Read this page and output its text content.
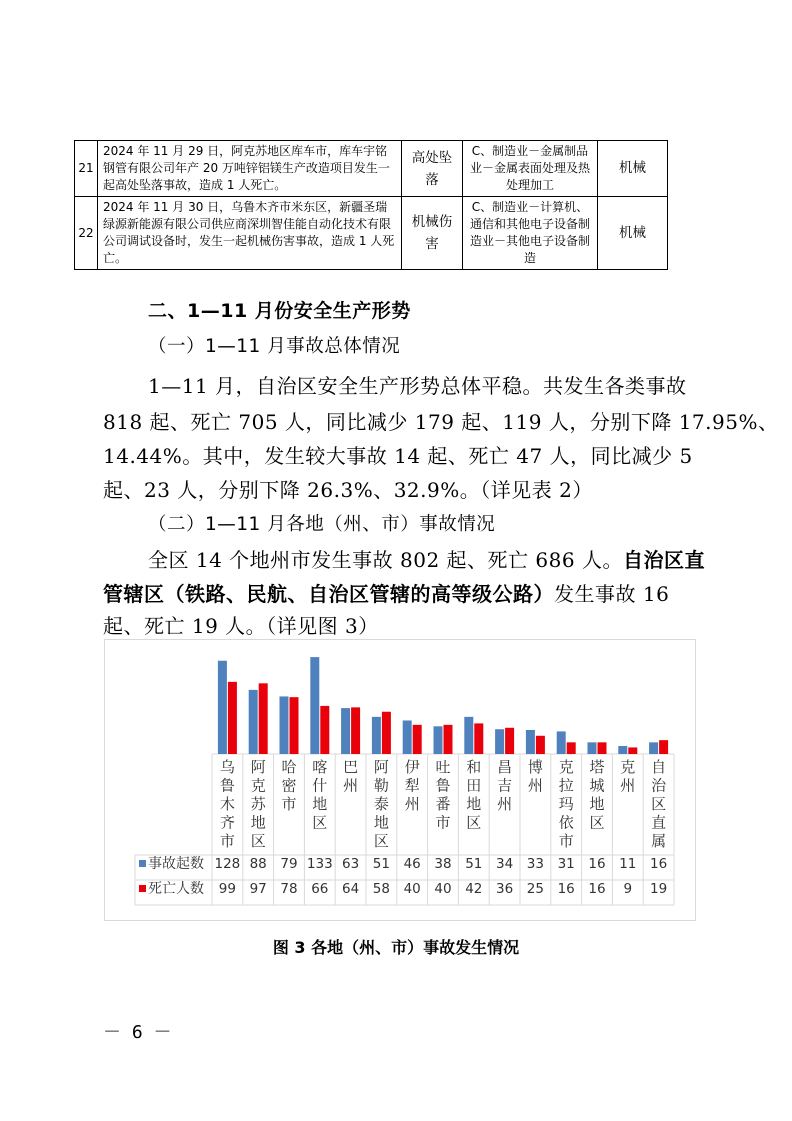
21	2024 年 11 月 29 日，阿克苏地区库车市，库车宇铭钢管有限公司年产 20 万吨锌铝镁生产改造项目发生一起高处坠落事故，造成 1 人死亡。	高处坠落	C、制造业－金属制品业－金属表面处理及热处理加工	机械
22	2024 年 11 月 30 日，乌鲁木齐市米东区，新疆圣瑞绿源新能源有限公司供应商深圳智佳能自动化技术有限公司调试设备时，发生一起机械伤害事故，造成 1 人死亡。	机械伤害	C、制造业－计算机、通信和其他电子设备制造业－其他电子设备制造	机械
二、1—11 月份安全生产形势
（一）1—11 月事故总体情况
1—11 月，自治区安全生产形势总体平稳。共发生各类事故
818 起、死亡 705 人，同比减少 179 起、119 人，分别下降 17.95%、
14.44%。其中，发生较大事故 14 起、死亡 47 人，同比减少 5
起、23 人，分别下降 26.3%、32.9%。（详见表 2）
（二）1—11 月各地（州、市）事故情况
全区 14 个地州市发生事故 802 起、死亡 686 人。自治区直
管辖区（铁路、民航、自治区管辖的高等级公路）发生事故 16
起、死亡 19 人。（详见图 3）
乌鲁木齐市
阿克苏地区
哈密市
喀什地区
巴州
阿勒泰地区
伊犁州
吐鲁番市
和田地区
昌吉州
博州
克拉玛依市
塔城地区
克州
自治区直属
事故起数 128 88 79 133 63 51 46 38 51 34 33 31 16 11 16
死亡人数 99 97 78 66 64 58 40 40 42 36 25 16 16 9 19
图 3 各地（州、市）事故发生情况
－ 6 －
